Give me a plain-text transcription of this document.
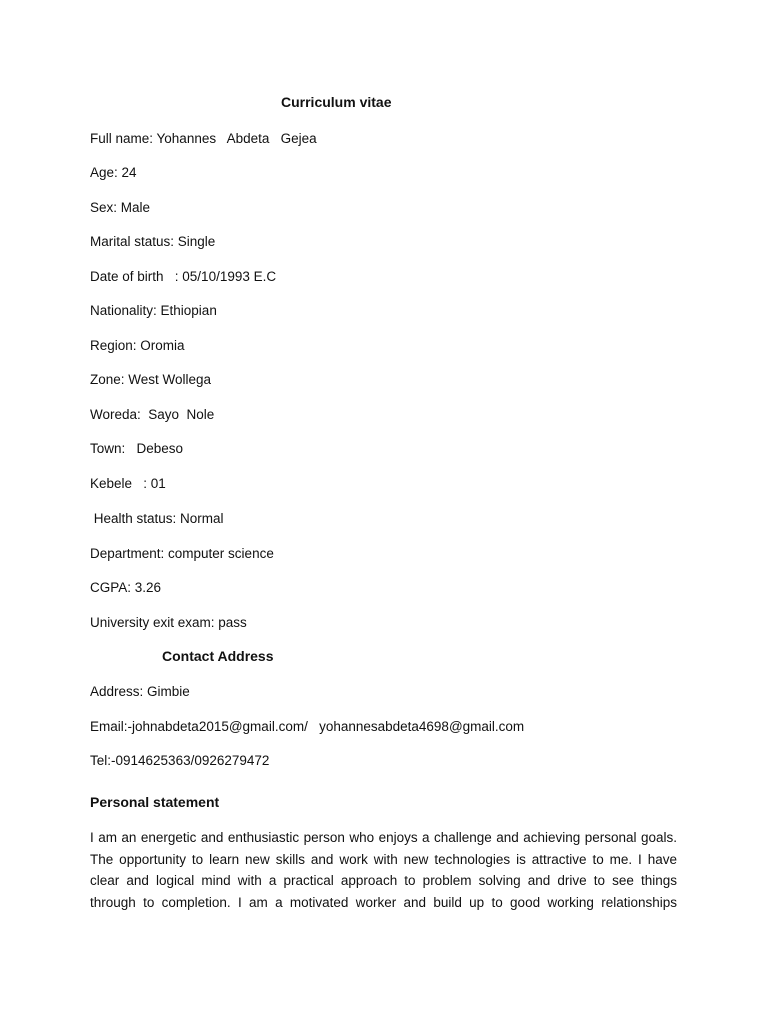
Curriculum vitae
Full name: Yohannes   Abdeta   Gejea
Age: 24
Sex: Male
Marital status: Single
Date of birth   : 05/10/1993 E.C
Nationality: Ethiopian
Region: Oromia
Zone: West Wollega
Woreda:  Sayo  Nole
Town:   Debeso
Kebele   : 01
Health status: Normal
Department: computer science
CGPA: 3.26
University exit exam: pass
Contact Address
Address: Gimbie
Email:-johnabdeta2015@gmail.com/   yohannesabdeta4698@gmail.com
Tel:-0914625363/0926279472
Personal statement
I am an energetic and enthusiastic person who enjoys a challenge and achieving personal goals.
The opportunity to learn new skills and work with new technologies is attractive to me. I have
clear and logical mind with a practical approach to problem solving and drive to see things
through to completion. I am a motivated worker and build up to good working relationships
